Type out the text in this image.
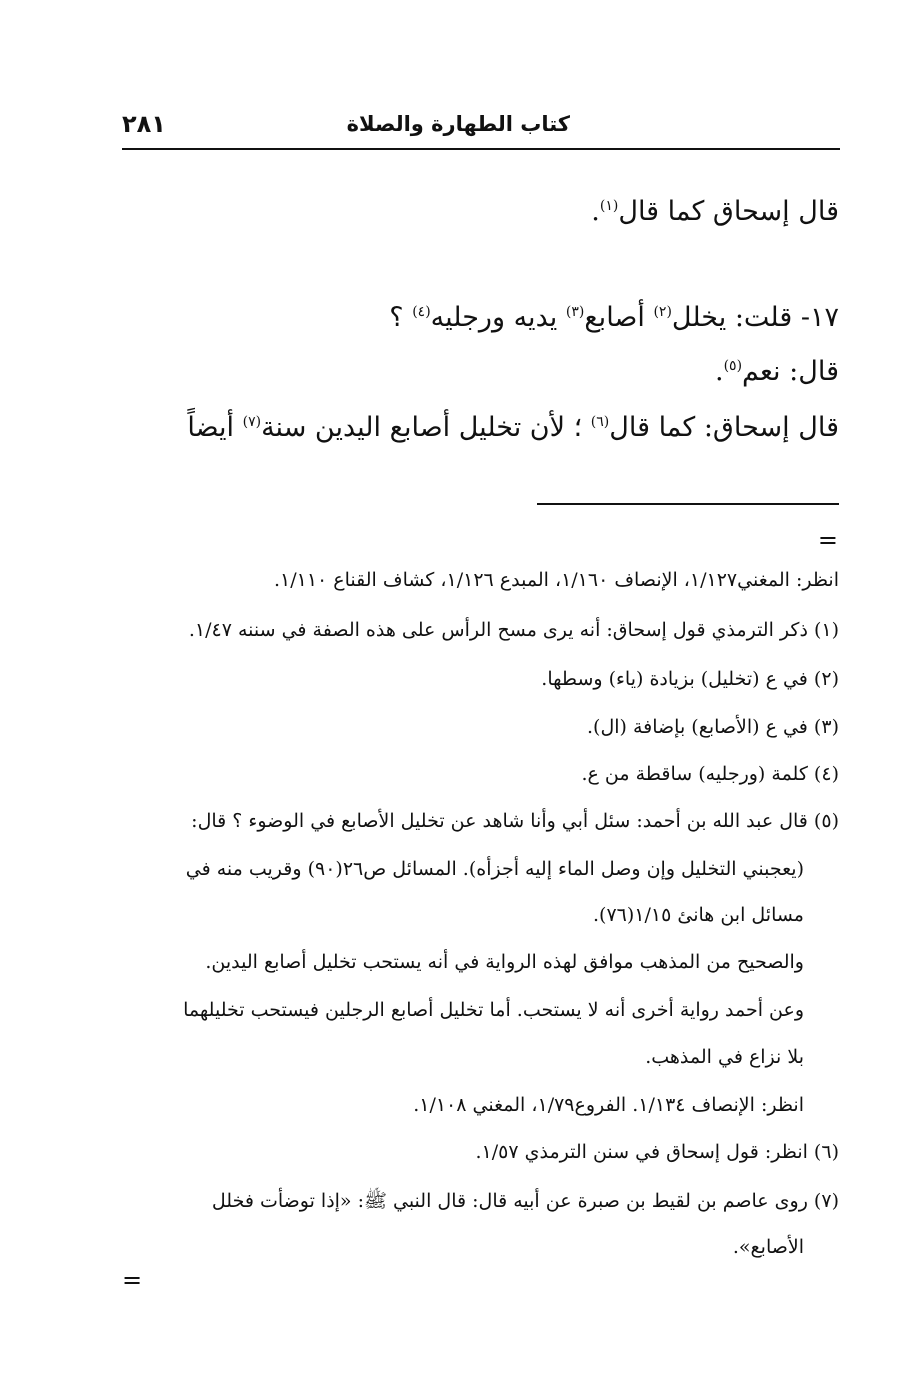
كتاب الطهارة والصلاة
٢٨١
قال إسحاق كما قال$^{(١)}$.
١٧- قلت: يخلل$^{(٢)}$ أصابع$^{(٣)}$ يديه ورجليه$^{(٤)}$ ؟
قال: نعم$^{(٥)}$.
قال إسحاق: كما قال$^{(٦)}$ ؛ لأن تخليل أصابع اليدين سنة$^{(٧)}$ أيضاً
=
انظر: المغني١/١٢٧، الإنصاف ١/١٦٠، المبدع ١/١٢٦، كشاف القناع ١/١١٠.
(١) ذكر الترمذي قول إسحاق: أنه يرى مسح الرأس على هذه الصفة في سننه ١/٤٧.
(٢) في ع (تخليل) بزيادة (ياء) وسطها.
(٣) في ع (الأصابع) بإضافة (ال).
(٤) كلمة (ورجليه) ساقطة من ع.
(٥) قال عبد الله بن أحمد: سئل أبي وأنا شاهد عن تخليل الأصابع في الوضوء ؟ قال:
(يعجبني التخليل وإن وصل الماء إليه أجزأه). المسائل ص٢٦(٩٠) وقريب منه في
مسائل ابن هانئ ١/١٥(٧٦).
والصحيح من المذهب موافق لهذه الرواية في أنه يستحب تخليل أصابع اليدين.
وعن أحمد رواية أخرى أنه لا يستحب. أما تخليل أصابع الرجلين فيستحب تخليلهما
بلا نزاع في المذهب.
انظر: الإنصاف ١/١٣٤. الفروع١/٧٩، المغني ١/١٠٨.
(٦) انظر: قول إسحاق في سنن الترمذي ١/٥٧.
(٧) روى عاصم بن لقيط بن صبرة عن أبيه قال: قال النبي ﷺ: «إذا توضأت فخلل
الأصابع».
=
